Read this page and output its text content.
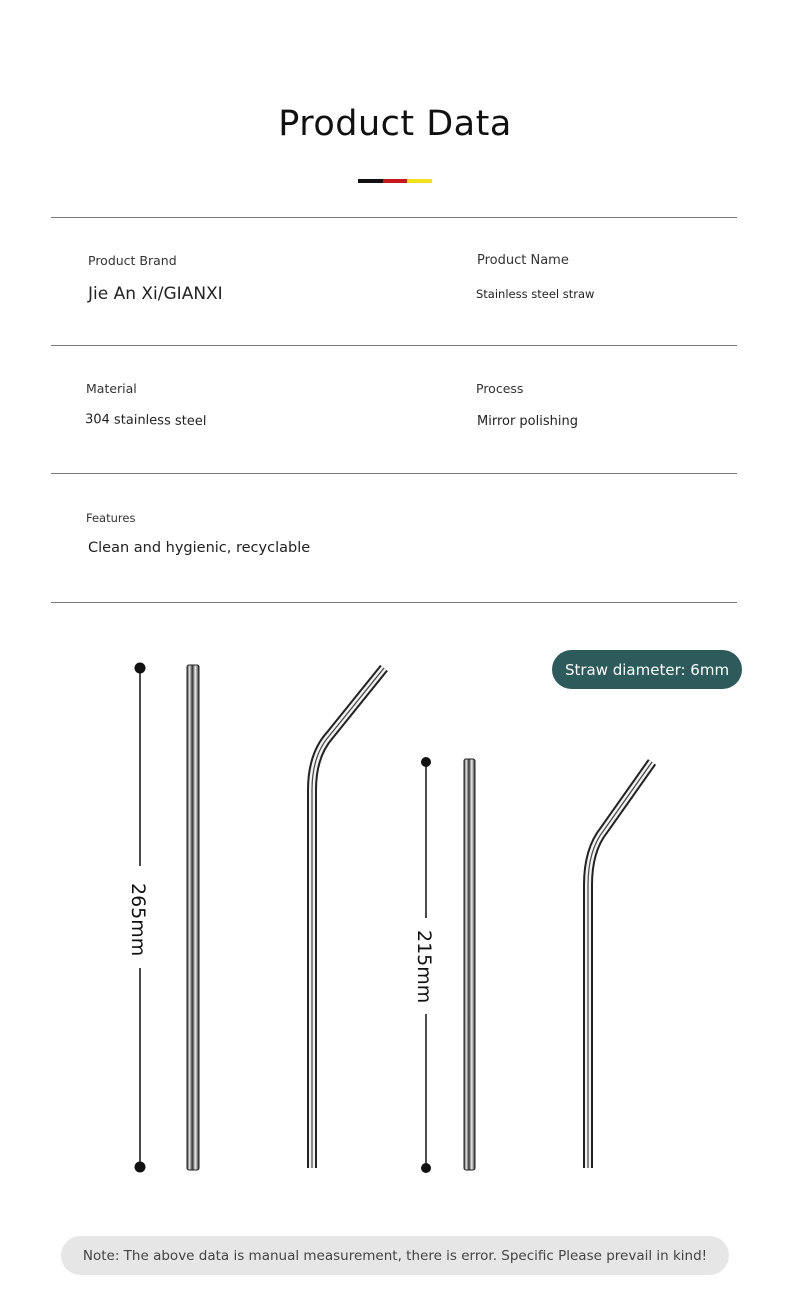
Product Data
Product Brand
Jie An Xi/GIANXI
Product Name
Stainless steel straw
Material
304 stainless steel
Process
Mirror polishing
Features
Clean and hygienic, recyclable
Straw diameter: 6mm
265mm
215mm
Note: The above data is manual measurement, there is error. Specific Please prevail in kind!
